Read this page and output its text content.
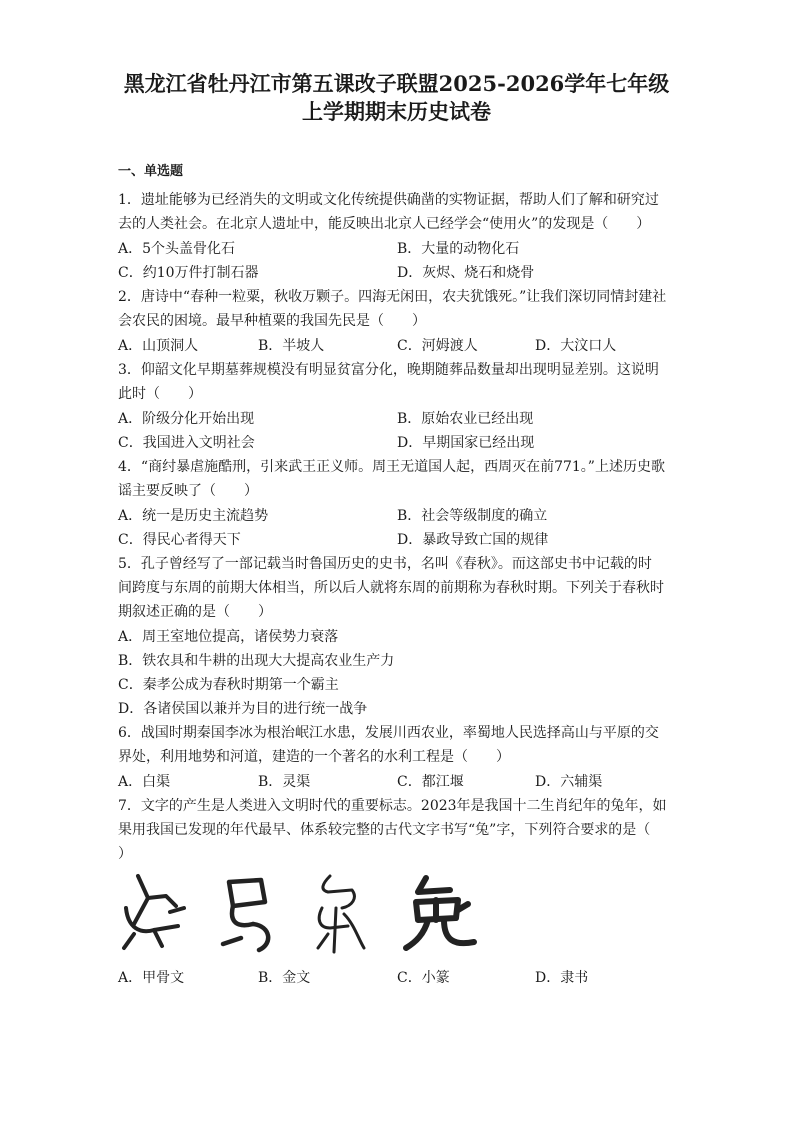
黑龙江省牡丹江市第五课改子联盟2025-2026学年七年级
上学期期末历史试卷
一、单选题
1．遗址能够为已经消失的文明或文化传统提供确凿的实物证据，帮助人们了解和研究过
去的人类社会。在北京人遗址中，能反映出北京人已经学会“使用火”的发现是（　　）
A．5个头盖骨化石	B．大量的动物化石
C．约10万件打制石器	D．灰烬、烧石和烧骨
2．唐诗中“春种一粒粟，秋收万颗子。四海无闲田，农夫犹饿死。”让我们深切同情封建社
会农民的困境。最早种植粟的我国先民是（　　）
A．山顶洞人	B．半坡人	C．河姆渡人	D．大汶口人
3．仰韶文化早期墓葬规模没有明显贫富分化，晚期随葬品数量却出现明显差别。这说明
此时（　　）
A．阶级分化开始出现	B．原始农业已经出现
C．我国进入文明社会	D．早期国家已经出现
4．“商纣暴虐施酷刑，引来武王正义师。周王无道国人起，西周灭在前771。”上述历史歌
谣主要反映了（　　）
A．统一是历史主流趋势	B．社会等级制度的确立
C．得民心者得天下	D．暴政导致亡国的规律
5．孔子曾经写了一部记载当时鲁国历史的史书，名叫《春秋》。而这部史书中记载的时
间跨度与东周的前期大体相当，所以后人就将东周的前期称为春秋时期。下列关于春秋时
期叙述正确的是（　　）
A．周王室地位提高，诸侯势力衰落
B．铁农具和牛耕的出现大大提高农业生产力
C．秦孝公成为春秋时期第一个霸主
D．各诸侯国以兼并为目的进行统一战争
6．战国时期秦国李冰为根治岷江水患，发展川西农业，率蜀地人民选择高山与平原的交
界处，利用地势和河道，建造的一个著名的水利工程是（　　）
A．白渠	B．灵渠	C．都江堰	D．六辅渠
7．文字的产生是人类进入文明时代的重要标志。2023年是我国十二生肖纪年的兔年，如
果用我国已发现的年代最早、体系较完整的古代文字书写“兔”字，下列符合要求的是（
）
A．甲骨文	B．金文	C．小篆	D．隶书
